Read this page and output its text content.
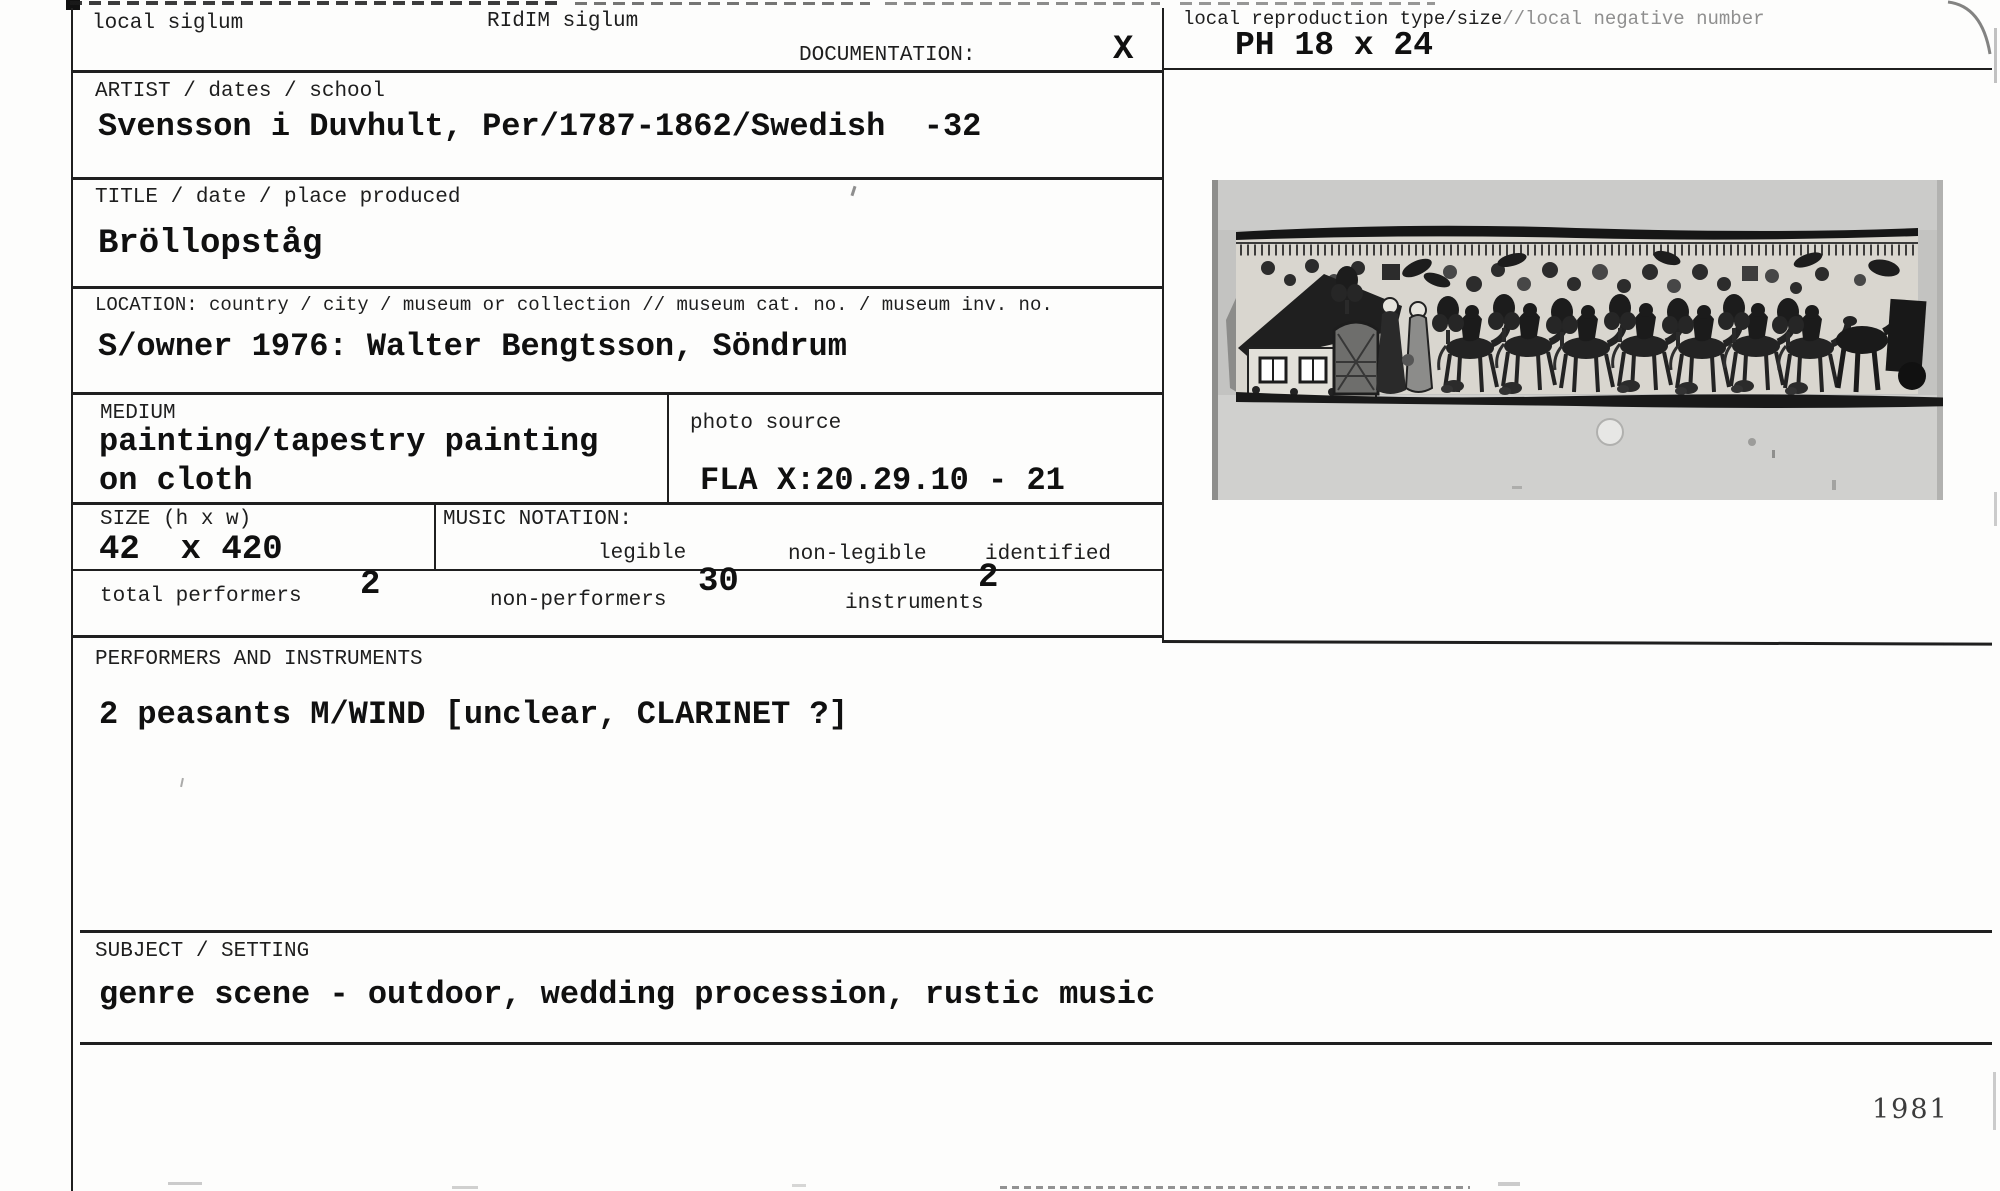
local siglum	RIdIM siglum
DOCUMENTATION:	X
local reproduction type/size//local negative number
PH 18 x 24
ARTIST / dates / school
Svensson i Duvhult, Per/1787-1862/Swedish  -32
TITLE / date / place produced
Bröllopståg
LOCATION: country / city / museum or collection // museum cat. no. / museum inv. no.
S/owner 1976: Walter Bengtsson, Söndrum
MEDIUM
painting/tapestry painting
on cloth
photo source
FLA X:20.29.10 - 21
SIZE (h x w)
42  x 420
MUSIC NOTATION:
legible	non-legible	identified
total performers 2	non-performers 30
instruments
2
PERFORMERS AND INSTRUMENTS
2 peasants M/WIND [unclear, CLARINET ?]
SUBJECT / SETTING
genre scene - outdoor, wedding procession, rustic music
1981
